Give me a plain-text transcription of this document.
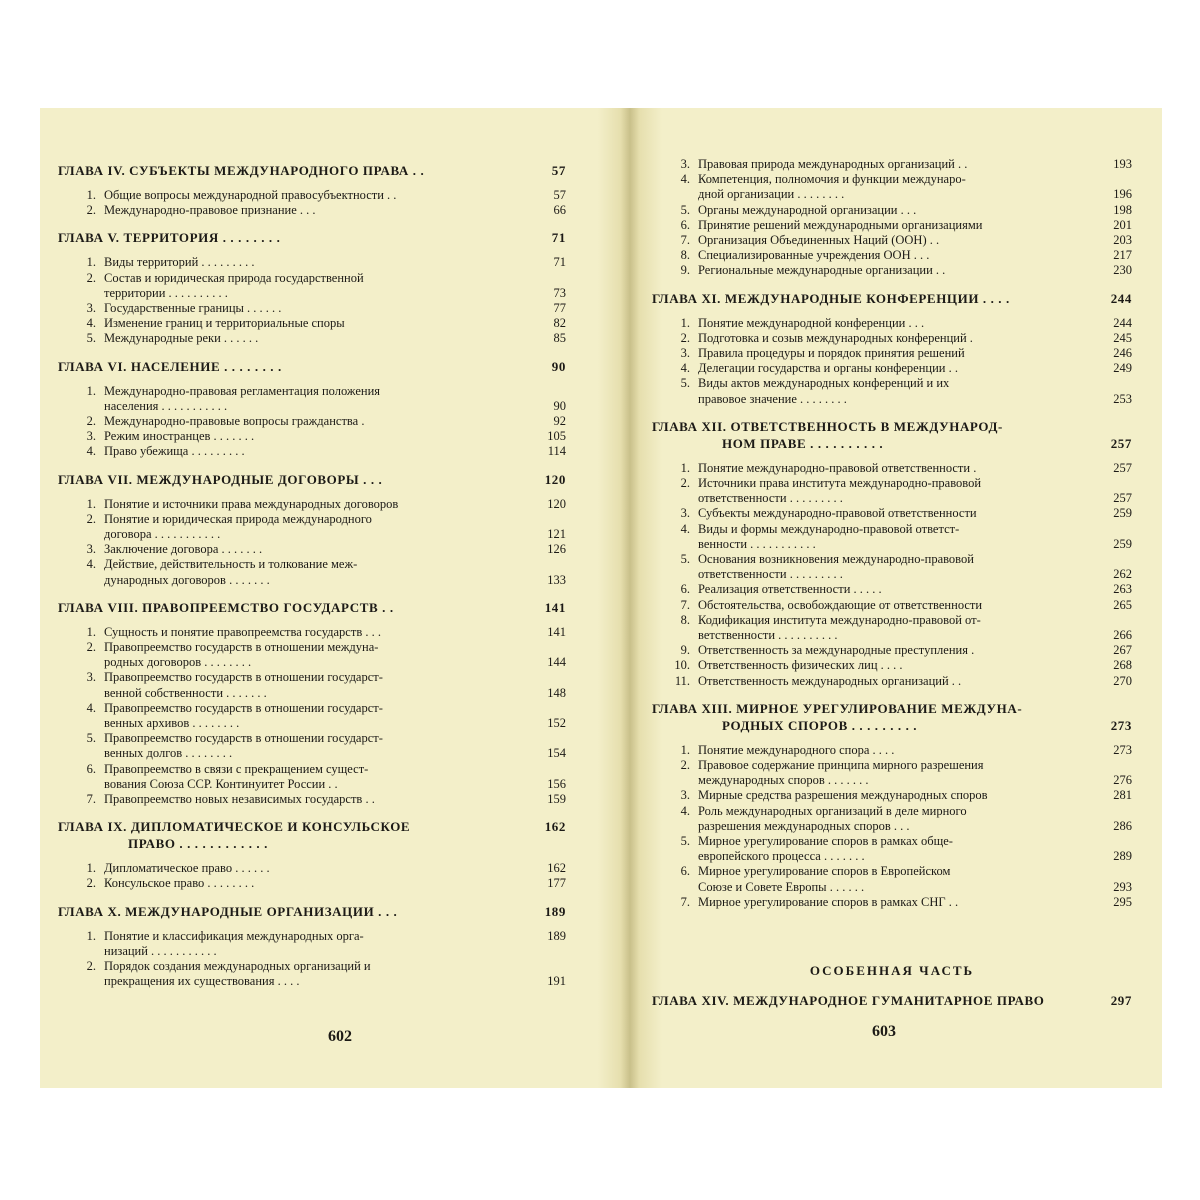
ГЛАВА IV. СУБЪЕКТЫ МЕЖДУНАРОДНОГО ПРАВА . .	57
1. Общие вопросы международной правосубъектности . .	57
2. Международно-правовое признание . . .	66
ГЛАВА V. ТЕРРИТОРИЯ . . . . . . . .	71
1. Виды территорий . . . . . . . . .	71
2. Состав и юридическая природа государственной
территории . . . . . . . . . .	73
3. Государственные границы . . . . . .	77
4. Изменение границ и территориальные споры	82
5. Международные реки . . . . . .	85
ГЛАВА VI. НАСЕЛЕНИЕ . . . . . . . .	90
1. Международно-правовая регламентация положения
населения . . . . . . . . . . .	90
2. Международно-правовые вопросы гражданства .	92
3. Режим иностранцев . . . . . . .	105
4. Право убежища . . . . . . . . .	114
ГЛАВА VII. МЕЖДУНАРОДНЫЕ ДОГОВОРЫ . . .	120
1. Понятие и источники права международных договоров	120
2. Понятие и юридическая природа международного
договора . . . . . . . . . . .	121
3. Заключение договора . . . . . . .	126
4. Действие, действительность и толкование меж-
дународных договоров . . . . . . .	133
ГЛАВА VIII. ПРАВОПРЕЕМСТВО ГОСУДАРСТВ . .	141
1. Сущность и понятие правопреемства государств . . .	141
2. Правопреемство государств в отношении междуна-
родных договоров . . . . . . . .	144
3. Правопреемство государств в отношении государст-
венной собственности . . . . . . .	148
4. Правопреемство государств в отношении государст-
венных архивов . . . . . . . .	152
5. Правопреемство государств в отношении государст-
венных долгов . . . . . . . .	154
6. Правопреемство в связи с прекращением сущест-
вования Союза ССР. Континуитет России . .	156
7. Правопреемство новых независимых государств . .	159
ГЛАВА IX. ДИПЛОМАТИЧЕСКОЕ И КОНСУЛЬСКОЕ	162
ПРАВО . . . . . . . . . . . .
1. Дипломатическое право . . . . . .	162
2. Консульское право . . . . . . . .	177
ГЛАВА X. МЕЖДУНАРОДНЫЕ ОРГАНИЗАЦИИ . . .	189
1. Понятие и классификация международных орга-	189
низаций . . . . . . . . . . .
2. Порядок создания международных организаций и
прекращения их существования . . . .	191
602
3. Правовая природа международных организаций . .	193
4. Компетенция, полномочия и функции междунаро-
дной организации . . . . . . . .	196
5. Органы международной организации . . .	198
6. Принятие решений международными организациями	201
7. Организация Объединенных Наций (ООН) . .	203
8. Специализированные учреждения ООН . . .	217
9. Региональные международные организации . .	230
ГЛАВА XI. МЕЖДУНАРОДНЫЕ КОНФЕРЕНЦИИ . . . .	244
1. Понятие международной конференции . . .	244
2. Подготовка и созыв международных конференций .	245
3. Правила процедуры и порядок принятия решений	246
4. Делегации государства и органы конференции . .	249
5. Виды актов международных конференций и их
правовое значение . . . . . . . .	253
ГЛАВА XII. ОТВЕТСТВЕННОСТЬ В МЕЖДУНАРОД-
НОМ ПРАВЕ . . . . . . . . . .	257
1. Понятие международно-правовой ответственности .	257
2. Источники права института международно-правовой
ответственности . . . . . . . . .	257
3. Субъекты международно-правовой ответственности	259
4. Виды и формы международно-правовой ответст-
венности . . . . . . . . . . .	259
5. Основания возникновения международно-правовой
ответственности . . . . . . . . .	262
6. Реализация ответственности . . . . .	263
7. Обстоятельства, освобождающие от ответственности	265
8. Кодификация института международно-правовой от-
ветственности . . . . . . . . . .	266
9. Ответственность за международные преступления .	267
10. Ответственность физических лиц . . . .	268
11. Ответственность международных организаций . .	270
ГЛАВА XIII. МИРНОЕ УРЕГУЛИРОВАНИЕ МЕЖДУНА-
РОДНЫХ СПОРОВ . . . . . . . . .	273
1. Понятие международного спора . . . .	273
2. Правовое содержание принципа мирного разрешения
международных споров . . . . . . .	276
3. Мирные средства разрешения международных споров	281
4. Роль международных организаций в деле мирного
разрешения международных споров . . .	286
5. Мирное урегулирование споров в рамках обще-
европейского процесса . . . . . . .	289
6. Мирное урегулирование споров в Европейском
Союзе и Совете Европы . . . . . .	293
7. Мирное урегулирование споров в рамках СНГ . .	295
ГЛАВА XIV. МЕЖДУНАРОДНОЕ ГУМАНИТАРНОЕ ПРАВО	297
ОСОБЕННАЯ ЧАСТЬ
603
